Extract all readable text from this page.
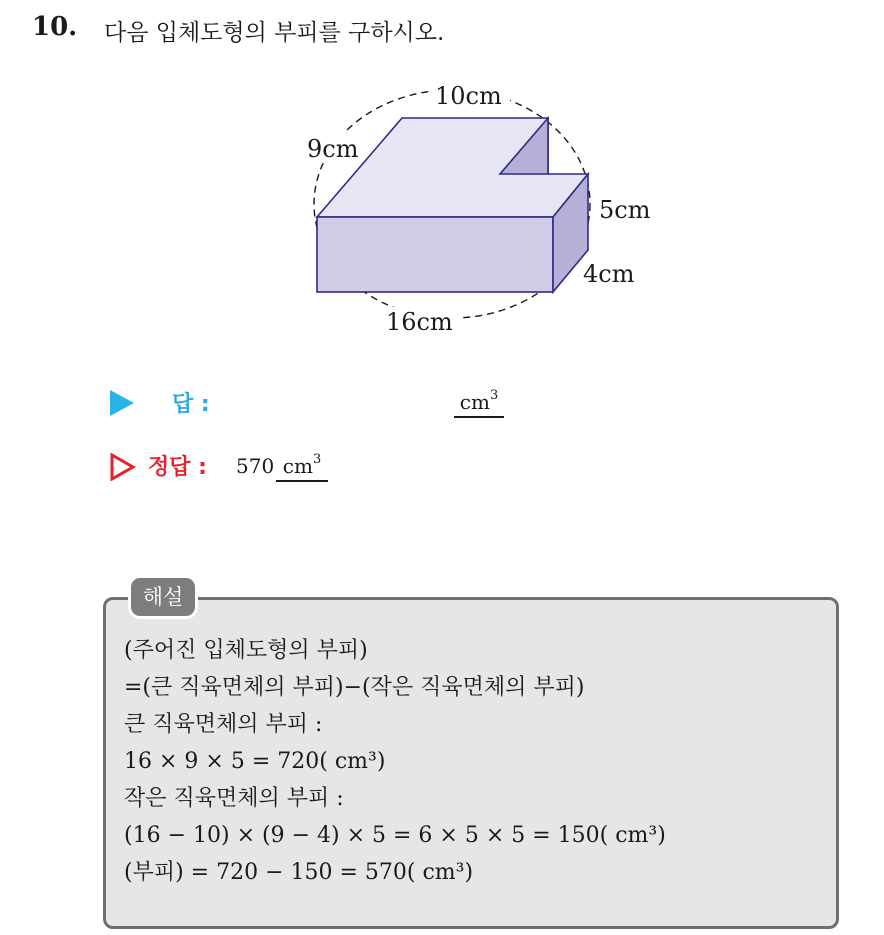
10. 다음 입체도형의 부피를 구하시오.
10cm
9cm
5cm
4cm
16cm
답 :	$cm^3$
정답 : 570 $cm^3$
해설
(주어진 입체도형의 부피)
=(큰 직육면체의 부피)−(작은 직육면체의 부피)
큰 직육면체의 부피 :
16 × 9 × 5 = 720( cm³)
작은 직육면체의 부피 :
(16 − 10) × (9 − 4) × 5 = 6 × 5 × 5 = 150( cm³)
(부피) = 720 − 150 = 570( cm³)
